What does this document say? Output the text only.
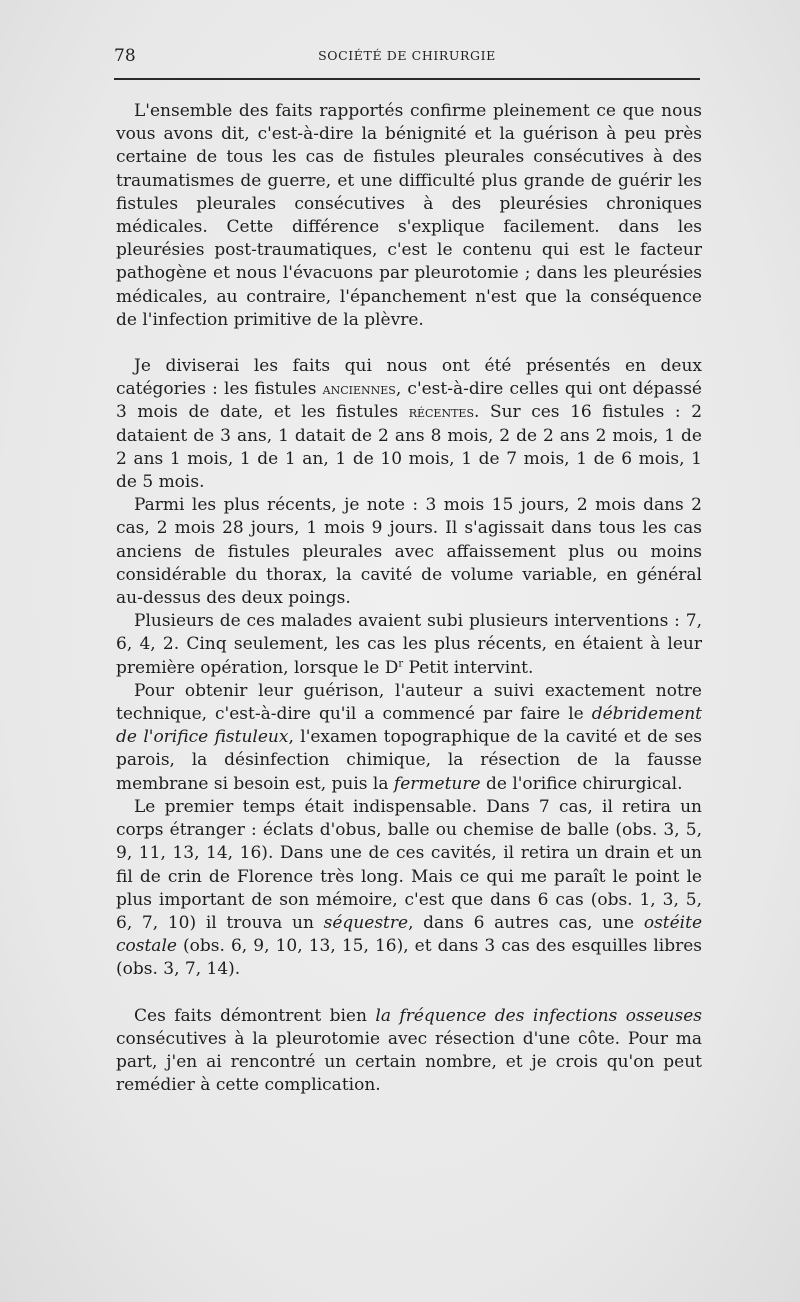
78	SOCIÉTÉ DE CHIRURGIE

L'ensemble des faits rapportés confirme pleinement ce que nous vous avons dit, c'est-à-dire la bénignité et la guérison à peu près certaine de tous les cas de fistules pleurales consécutives à des traumatismes de guerre, et une difficulté plus grande de guérir les fistules pleurales consécutives à des pleurésies chroniques médicales. Cette différence s'explique facilement. dans les pleurésies post-traumatiques, c'est le contenu qui est le facteur pathogène et nous l'évacuons par pleurotomie ; dans les pleurésies médicales, au contraire, l'épanchement n'est que la conséquence de l'infection primitive de la plèvre.

Je diviserai les faits qui nous ont été présentés en deux catégories : les fistules anciennes, c'est-à-dire celles qui ont dépassé 3 mois de date, et les fistules récentes. Sur ces 16 fistules : 2 dataient de 3 ans, 1 datait de 2 ans 8 mois, 2 de 2 ans 2 mois, 1 de 2 ans 1 mois, 1 de 1 an, 1 de 10 mois, 1 de 7 mois, 1 de 6 mois, 1 de 5 mois.

Parmi les plus récents, je note : 3 mois 15 jours, 2 mois dans 2 cas, 2 mois 28 jours, 1 mois 9 jours. Il s'agissait dans tous les cas anciens de fistules pleurales avec affaissement plus ou moins considérable du thorax, la cavité de volume variable, en général au-dessus des deux poings.

Plusieurs de ces malades avaient subi plusieurs interventions : 7, 6, 4, 2. Cinq seulement, les cas les plus récents, en étaient à leur première opération, lorsque le $D^r$ Petit intervint.

Pour obtenir leur guérison, l'auteur a suivi exactement notre technique, c'est-à-dire qu'il a commencé par faire le débridement de l'orifice fistuleux, l'examen topographique de la cavité et de ses parois, la désinfection chimique, la résection de la fausse membrane si besoin est, puis la fermeture de l'orifice chirurgical.

Le premier temps était indispensable. Dans 7 cas, il retira un corps étranger : éclats d'obus, balle ou chemise de balle (obs. 3, 5, 9, 11, 13, 14, 16). Dans une de ces cavités, il retira un drain et un fil de crin de Florence très long. Mais ce qui me paraît le point le plus important de son mémoire, c'est que dans 6 cas (obs. 1, 3, 5, 6, 7, 10) il trouva un séquestre, dans 6 autres cas, une ostéite costale (obs. 6, 9, 10, 13, 15, 16), et dans 3 cas des esquilles libres (obs. 3, 7, 14).

Ces faits démontrent bien la fréquence des infections osseuses consécutives à la pleurotomie avec résection d'une côte. Pour ma part, j'en ai rencontré un certain nombre, et je crois qu'on peut remédier à cette complication.
